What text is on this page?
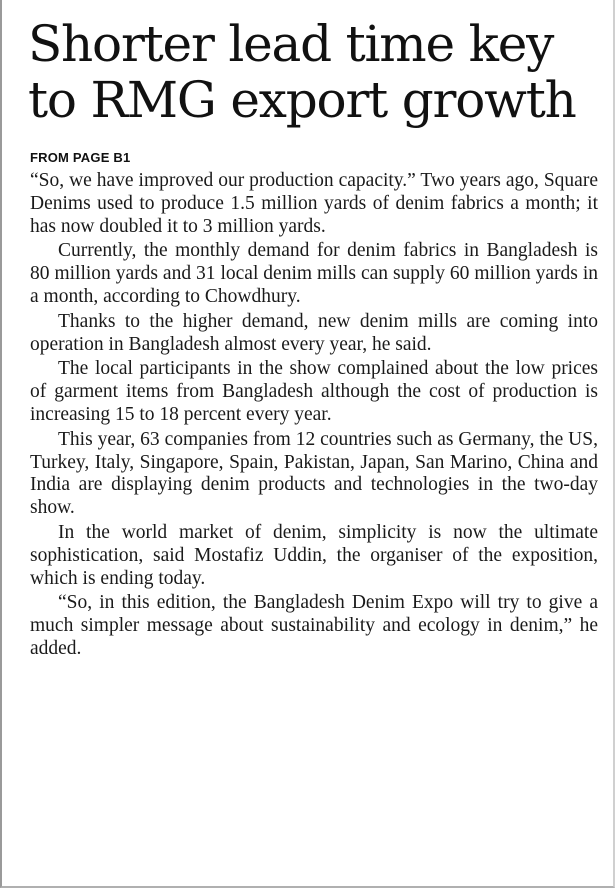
Shorter lead time key to RMG export growth
FROM PAGE B1

“So, we have improved our production capacity.” Two years ago, Square Denims used to produce 1.5 million yards of denim fabrics a month; it has now doubled it to 3 million yards.

Currently, the monthly demand for denim fabrics in Bangladesh is 80 million yards and 31 local denim mills can supply 60 million yards in a month, according to Chowdhury.

Thanks to the higher demand, new denim mills are coming into operation in Bangladesh almost every year, he said.

The local participants in the show complained about the low prices of garment items from Bangladesh although the cost of production is increasing 15 to 18 percent every year.

This year, 63 companies from 12 countries such as Germany, the US, Turkey, Italy, Singapore, Spain, Pakistan, Japan, San Marino, China and India are displaying denim products and technologies in the two-day show.

In the world market of denim, simplicity is now the ultimate sophistication, said Mostafiz Uddin, the organiser of the exposition, which is ending today.

“So, in this edition, the Bangladesh Denim Expo will try to give a much simpler message about sustainability and ecology in denim,” he added.
